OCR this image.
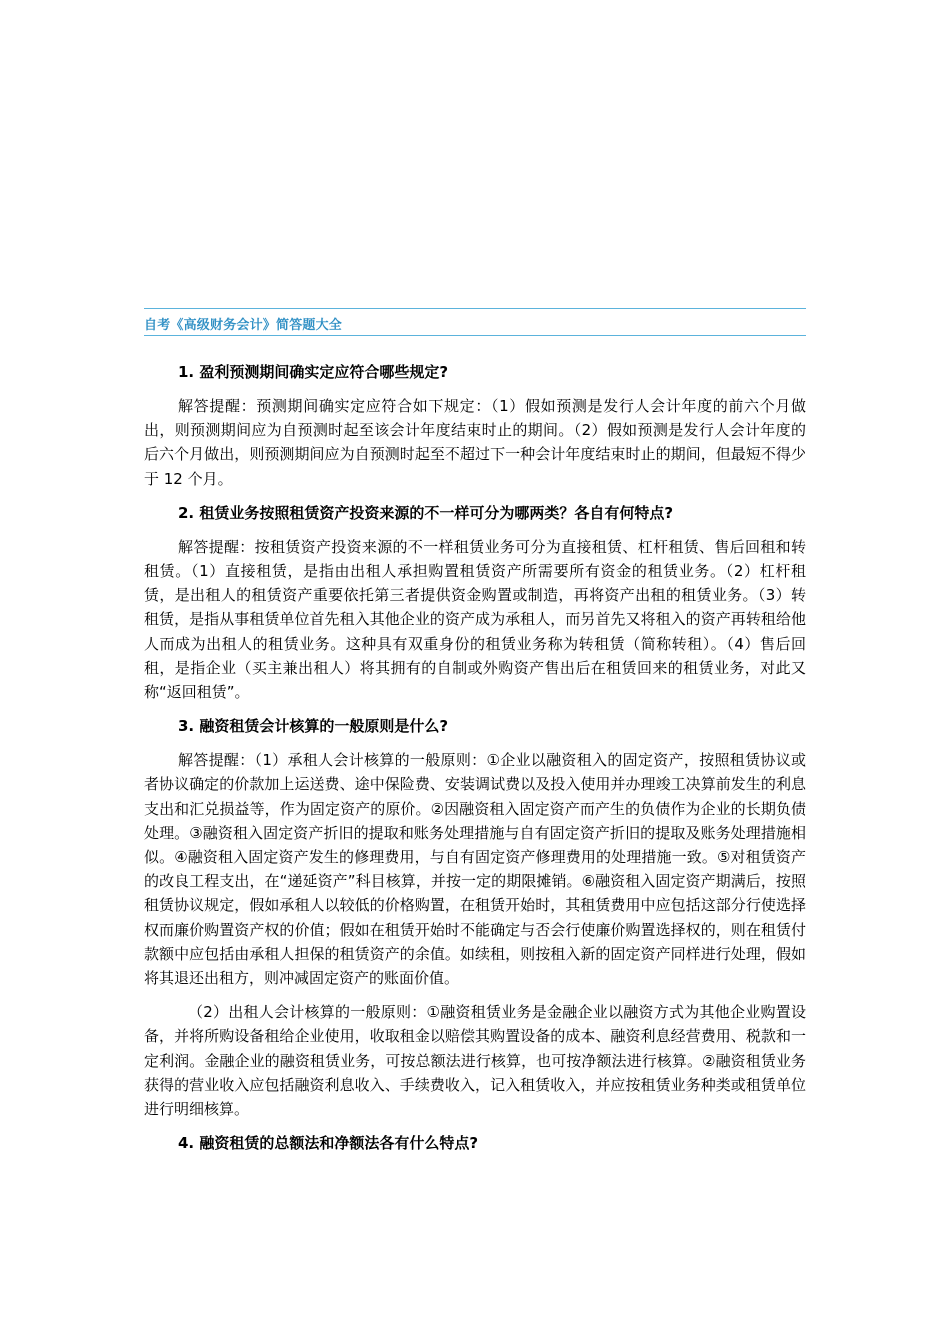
自考《高级财务会计》简答题大全
1. 盈利预测期间确实定应符合哪些规定?

解答提醒：预测期间确实定应符合如下规定：（1）假如预测是发行人会计年度的前六个月做出，则预测期间应为自预测时起至该会计年度结束时止的期间。（2）假如预测是发行人会计年度的后六个月做出，则预测期间应为自预测时起至不超过下一种会计年度结束时止的期间，但最短不得少于 12 个月。

2. 租赁业务按照租赁资产投资来源的不一样可分为哪两类？各自有何特点?

解答提醒：按租赁资产投资来源的不一样租赁业务可分为直接租赁、杠杆租赁、售后回租和转租赁。（1）直接租赁，是指由出租人承担购置租赁资产所需要所有资金的租赁业务。（2）杠杆租赁，是出租人的租赁资产重要依托第三者提供资金购置或制造，再将资产出租的租赁业务。（3）转租赁，是指从事租赁单位首先租入其他企业的资产成为承租人，而另首先又将租入的资产再转租给他人而成为出租人的租赁业务。这种具有双重身份的租赁业务称为转租赁（简称转租）。（4）售后回租，是指企业（买主兼出租人）将其拥有的自制或外购资产售出后在租赁回来的租赁业务，对此又称“返回租赁”。

3. 融资租赁会计核算的一般原则是什么?

解答提醒：（1）承租人会计核算的一般原则：①企业以融资租入的固定资产，按照租赁协议或者协议确定的价款加上运送费、途中保险费、安装调试费以及投入使用并办理竣工决算前发生的利息支出和汇兑损益等，作为固定资产的原价。②因融资租入固定资产而产生的负债作为企业的长期负债处理。③融资租入固定资产折旧的提取和账务处理措施与自有固定资产折旧的提取及账务处理措施相似。④融资租入固定资产发生的修理费用，与自有固定资产修理费用的处理措施一致。⑤对租赁资产的改良工程支出，在“递延资产”科目核算，并按一定的期限摊销。⑥融资租入固定资产期满后，按照租赁协议规定，假如承租人以较低的价格购置，在租赁开始时，其租赁费用中应包括这部分行使选择权而廉价购置资产权的价值；假如在租赁开始时不能确定与否会行使廉价购置选择权的，则在租赁付款额中应包括由承租人担保的租赁资产的余值。如续租，则按租入新的固定资产同样进行处理，假如将其退还出租方，则冲减固定资产的账面价值。

（2）出租人会计核算的一般原则：①融资租赁业务是金融企业以融资方式为其他企业购置设备，并将所购设备租给企业使用，收取租金以赔偿其购置设备的成本、融资利息经营费用、税款和一定利润。金融企业的融资租赁业务，可按总额法进行核算，也可按净额法进行核算。②融资租赁业务获得的营业收入应包括融资利息收入、手续费收入，记入租赁收入，并应按租赁业务种类或租赁单位进行明细核算。

4. 融资租赁的总额法和净额法各有什么特点?
